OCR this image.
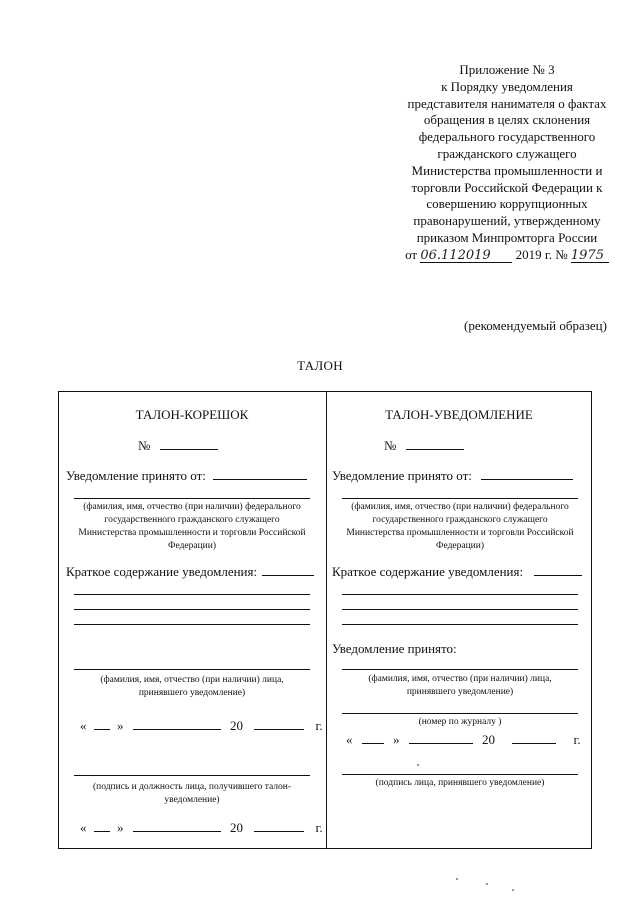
Приложение № 3
к Порядку уведомления
представителя нанимателя о фактах
обращения в целях склонения
федерального государственного
гражданского служащего
Министерства промышленности и
торговли Российской Федерации к
совершению коррупционных
правонарушений, утвержденному
приказом Минпромторга России
от 06.112019 2019 г. № 1975
(рекомендуемый образец)
ТАЛОН
ТАЛОН-КОРЕШОК
№
Уведомление принято от:
(фамилия, имя, отчество (при наличии) федерального государственного гражданского служащего Министерства промышленности и торговли Российской Федерации)
Краткое содержание уведомления:
(фамилия, имя, отчество (при наличии) лица, принявшего уведомление)
« »	20	г.
(подпись и должность лица, получившего талон-уведомление)
« »	20	г.
ТАЛОН-УВЕДОМЛЕНИЕ
№
Уведомление принято от:
(фамилия, имя, отчество (при наличии) федерального государственного гражданского служащего Министерства промышленности и торговли Российской Федерации)
Краткое содержание уведомления:
Уведомление принято:
(фамилия, имя, отчество (при наличии) лица, принявшего уведомление)
(номер по журналу )
«	»	20	г.
(подпись лица, принявшего уведомление)
